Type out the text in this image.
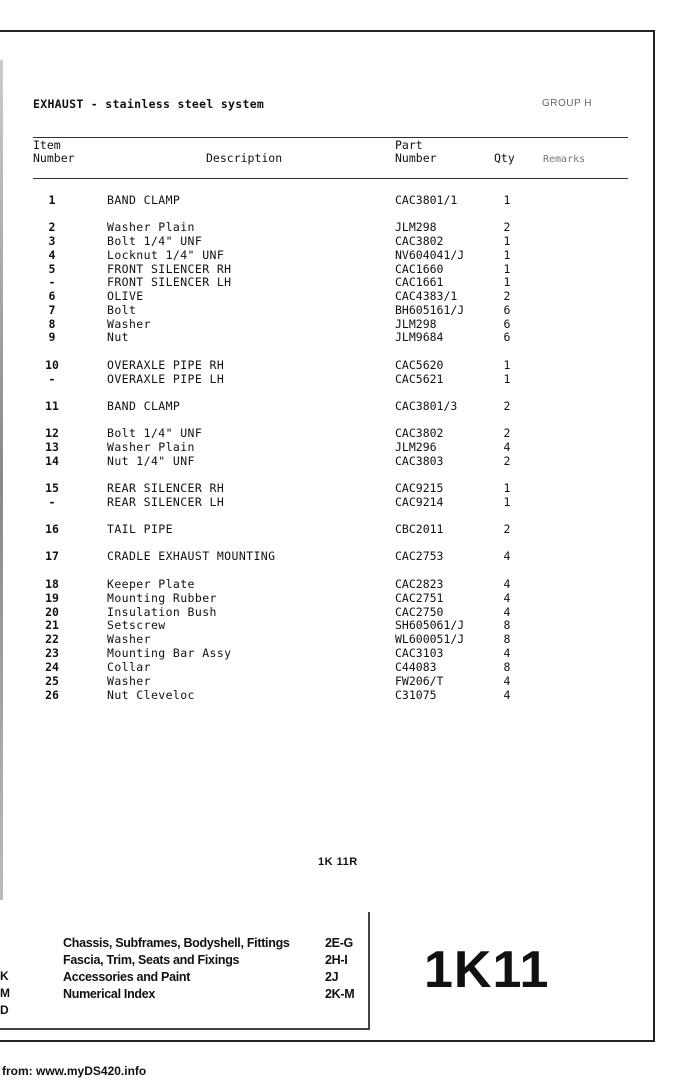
EXHAUST - stainless steel system	GROUP H
Item
Number	Description
Part
Number	Qty	Remarks
1	BAND CLAMP	CAC3801/1	1
2	Washer Plain	JLM298	2
3	Bolt 1/4" UNF	CAC3802	1
4	Locknut 1/4" UNF	NV604041/J	1
5	FRONT SILENCER RH	CAC1660	1
-	FRONT SILENCER LH	CAC1661	1
6	OLIVE	CAC4383/1	2
7	Bolt	BH605161/J	6
8	Washer	JLM298	6
9	Nut	JLM9684	6
10	OVERAXLE PIPE RH	CAC5620	1
-	OVERAXLE PIPE LH	CAC5621	1
11	BAND CLAMP	CAC3801/3	2
12	Bolt 1/4" UNF	CAC3802	2
13	Washer Plain	JLM296	4
14	Nut 1/4" UNF	CAC3803	2
15	REAR SILENCER RH	CAC9215	1
-	REAR SILENCER LH	CAC9214	1
16	TAIL PIPE	CBC2011	2
17	CRADLE EXHAUST MOUNTING	CAC2753	4
18	Keeper Plate	CAC2823	4
19	Mounting Rubber	CAC2751	4
20	Insulation Bush	CAC2750	4
21	Setscrew	SH605061/J	8
22	Washer	WL600051/J	8
23	Mounting Bar Assy	CAC3103	4
24	Collar	C44083	8
25	Washer	FW206/T	4
26	Nut Cleveloc	C31075	4
1K 11R
Chassis, Subframes, Bodyshell, Fittings	2E-G
Fascia, Trim, Seats and Fixings	2H-I
Accessories and Paint	2J
Numerical Index	2K-M
K
M
D
1K11
from: www.myDS420.info
